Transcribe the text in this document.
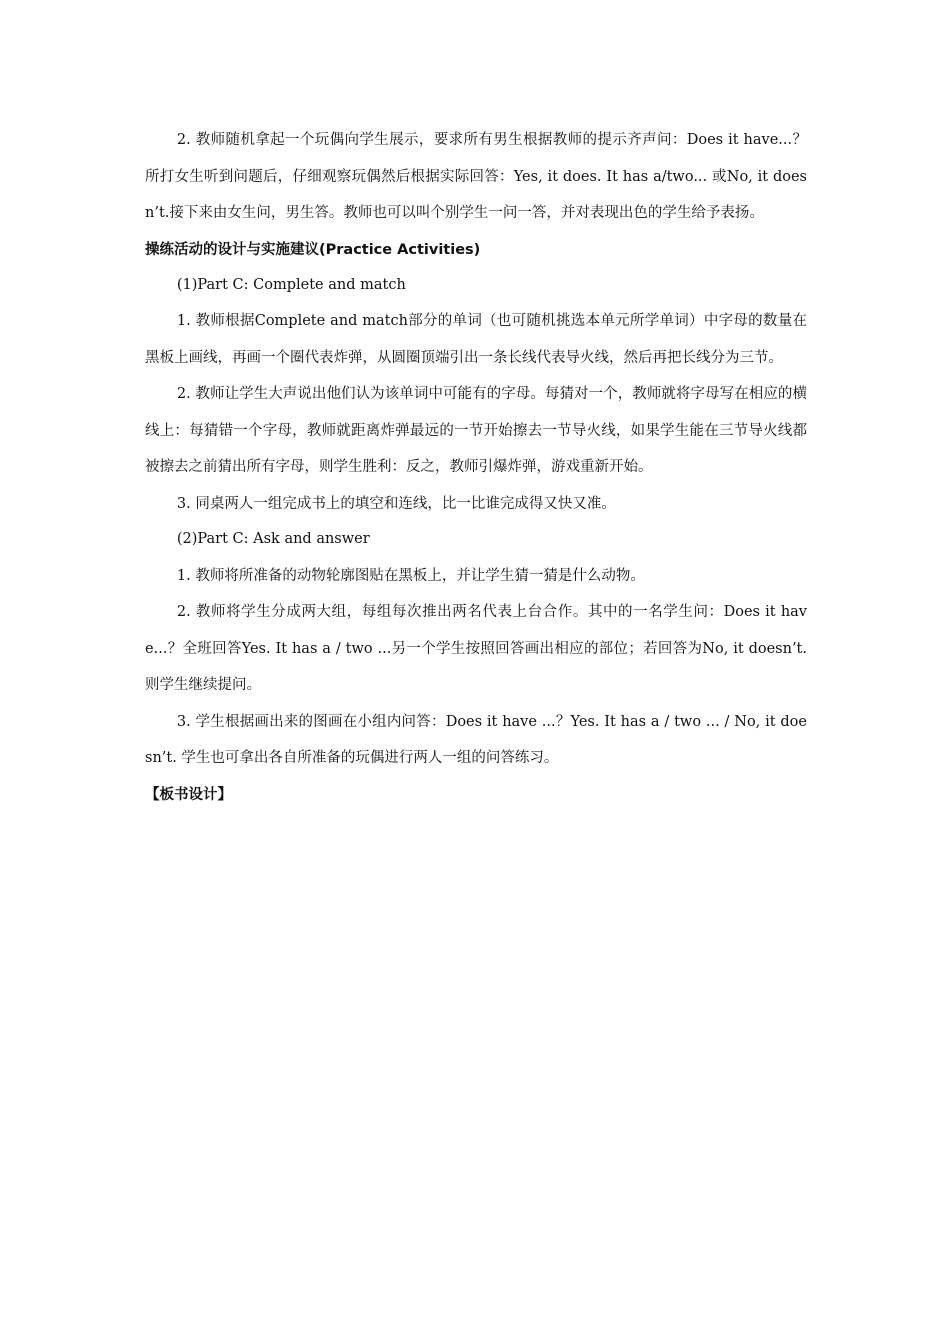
2. 教师随机拿起一个玩偶向学生展示，要求所有男生根据教师的提示齐声问：Does it have...？所打女生听到问题后，仔细观察玩偶然后根据实际回答：Yes, it does. It has a/two... 或No, it doesn’t.接下来由女生问，男生答。教师也可以叫个别学生一问一答，并对表现出色的学生给予表扬。

操练活动的设计与实施建议(Practice Activities)

(1)Part C: Complete and match

1. 教师根据Complete and match部分的单词（也可随机挑选本单元所学单词）中字母的数量在黑板上画线，再画一个圈代表炸弹，从圆圈顶端引出一条长线代表导火线，然后再把长线分为三节。

2. 教师让学生大声说出他们认为该单词中可能有的字母。每猜对一个，教师就将字母写在相应的横线上：每猜错一个字母，教师就距离炸弹最远的一节开始擦去一节导火线，如果学生能在三节导火线都被擦去之前猜出所有字母，则学生胜利：反之，教师引爆炸弹，游戏重新开始。

3. 同桌两人一组完成书上的填空和连线，比一比谁完成得又快又准。

(2)Part C: Ask and answer

1. 教师将所准备的动物轮廓图贴在黑板上，并让学生猜一猜是什么动物。

2. 教师将学生分成两大组，每组每次推出两名代表上台合作。其中的一名学生问：Does it have...？全班回答Yes. It has a / two ...另一个学生按照回答画出相应的部位；若回答为No, it doesn’t.则学生继续提问。

3. 学生根据画出来的图画在小组内问答：Does it have ...？Yes. It has a / two ... / No, it doesn’t. 学生也可拿出各自所准备的玩偶进行两人一组的问答练习。

【板书设计】
